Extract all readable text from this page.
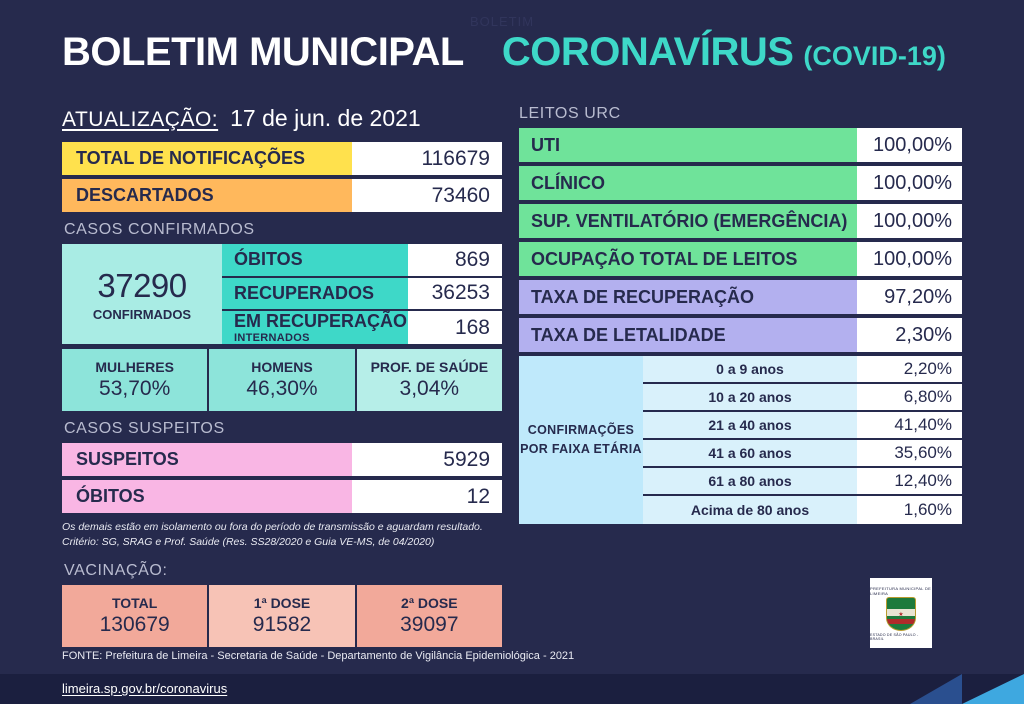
BOLETIM
BOLETIM MUNICIPAL CORONAVÍRUS (COVID-19)
ATUALIZAÇÃO: 17 de jun. de 2021
TOTAL DE NOTIFICAÇÕES	116679
DESCARTADOS	73460
CASOS CONFIRMADOS
37290
CONFIRMADOS
ÓBITOS	869
RECUPERADOS	36253
EM RECUPERAÇÃO
INTERNADOS	168
MULHERES
53,70%
HOMENS
46,30%
PROF. DE SAÚDE
3,04%
CASOS SUSPEITOS
SUSPEITOS	5929
ÓBITOS	12
Os demais estão em isolamento ou fora do período de transmissão e aguardam resultado.
Critério: SG, SRAG e Prof. Saúde (Res. SS28/2020 e Guia VE-MS, de 04/2020)
VACINAÇÃO:
TOTAL
130679
1ª DOSE
91582
2ª DOSE
39097
LEITOS URC
UTI	100,00%
CLÍNICO	100,00%
SUP. VENTILATÓRIO (EMERGÊNCIA)	100,00%
OCUPAÇÃO TOTAL DE LEITOS	100,00%
TAXA DE RECUPERAÇÃO	97,20%
TAXA DE LETALIDADE	2,30%
CONFIRMAÇÕES POR FAIXA ETÁRIA
0 a 9 anos	2,20%
10 a 20 anos	6,80%
21 a 40 anos	41,40%
41 a 60 anos	35,60%
61 a 80 anos	12,40%
Acima de 80 anos	1,60%
PREFEITURA MUNICIPAL DE LIMEIRA
★
ESTADO DE SÃO PAULO - BRASIL
FONTE: Prefeitura de Limeira - Secretaria de Saúde - Departamento de Vigilância Epidemiológica - 2021
limeira.sp.gov.br/coronavirus
